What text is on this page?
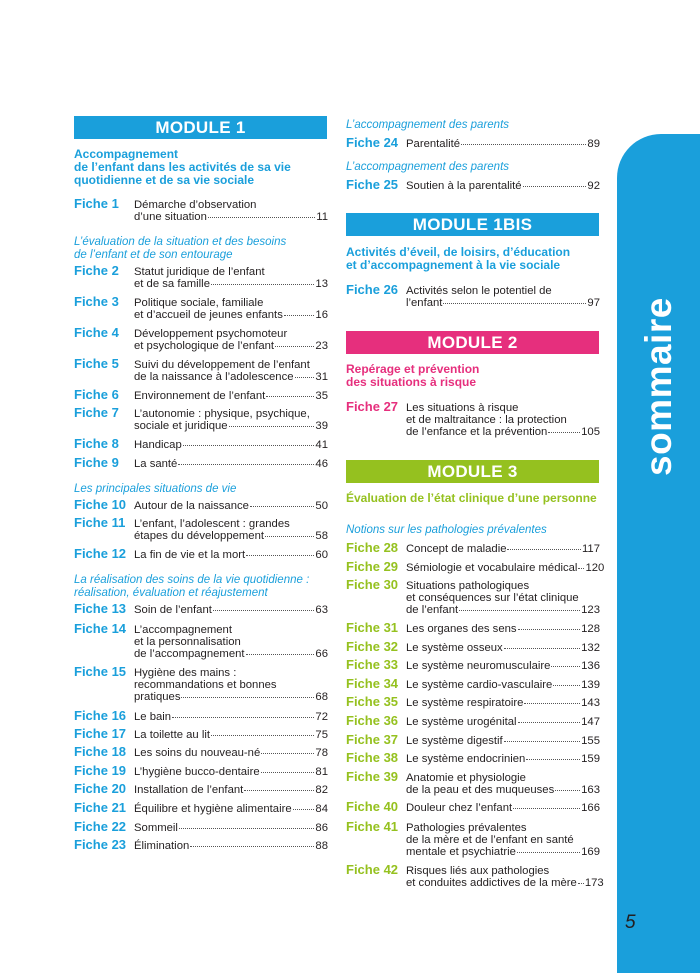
sommaire
5
MODULE 1
Accompagnement
de l’enfant dans les activités de sa vie
quotidienne et de sa vie sociale
L’évaluation de la situation et des besoins
de l’enfant et de son entourage
Les principales situations de vie
La réalisation des soins de la vie quotidienne :
réalisation, évaluation et réajustement
L’accompagnement des parents
L’accompagnement des parents
MODULE 1BIS
Activités d’éveil, de loisirs, d’éducation
et d’accompagnement à la vie sociale
MODULE 2
Repérage et prévention
des situations à risque
MODULE 3
Évaluation de l’état clinique d’une personne
Notions sur les pathologies prévalentes
Fiche 1 Démarche d’observation
d’une situation	11
Fiche 2 Statut juridique de l’enfant
et de sa famille	13
Fiche 3 Politique sociale, familiale
et d’accueil de jeunes enfants	16
Fiche 4 Développement psychomoteur
et psychologique de l’enfant	23
Fiche 5 Suivi du développement de l’enfant
de la naissance à l’adolescence 31
Fiche 6 Environnement de l’enfant	35
Fiche 7 L’autonomie : physique, psychique,
sociale et juridique	39
Fiche 8 Handicap	41
Fiche 9 La santé	46
Fiche 10 Autour de la naissance	50
Fiche 11 L’enfant, l’adolescent : grandes
étapes du développement	58
Fiche 12 La fin de vie et la mort	60
Fiche 13 Soin de l’enfant	63
Fiche 14 L’accompagnement
et la personnalisation
de l’accompagnement	66
Fiche 15 Hygiène des mains :
recommandations et bonnes
pratiques	68
Fiche 16 Le bain	72
Fiche 17 La toilette au lit	75
Fiche 18 Les soins du nouveau-né	78
Fiche 19 L’hygiène bucco-dentaire	81
Fiche 20 Installation de l’enfant	82
Fiche 21 Équilibre et hygiène alimentaire 84
Fiche 22 Sommeil	86
Fiche 23 Élimination	88
Fiche 24 Parentalité	89
Fiche 25 Soutien à la parentalité	92
Fiche 26 Activités selon le potentiel de
l’enfant	97
Fiche 27 Les situations à risque
et de maltraitance : la protection
de l’enfance et la prévention	105
Fiche 28 Concept de maladie	117
Fiche 29 Sémiologie et vocabulaire médical 120
Fiche 30 Situations pathologiques
et conséquences sur l’état clinique
de l’enfant	123
Fiche 31 Les organes des sens	128
Fiche 32 Le système osseux	132
Fiche 33 Le système neuromusculaire	136
Fiche 34 Le système cardio-vasculaire	139
Fiche 35 Le système respiratoire	143
Fiche 36 Le système urogénital	147
Fiche 37 Le système digestif	155
Fiche 38 Le système endocrinien	159
Fiche 39 Anatomie et physiologie
de la peau et des muqueuses 163
Fiche 40 Douleur chez l’enfant	166
Fiche 41 Pathologies prévalentes
de la mère et de l’enfant en santé
mentale et psychiatrie	169
Fiche 42 Risques liés aux pathologies
et conduites addictives de la mère 173
